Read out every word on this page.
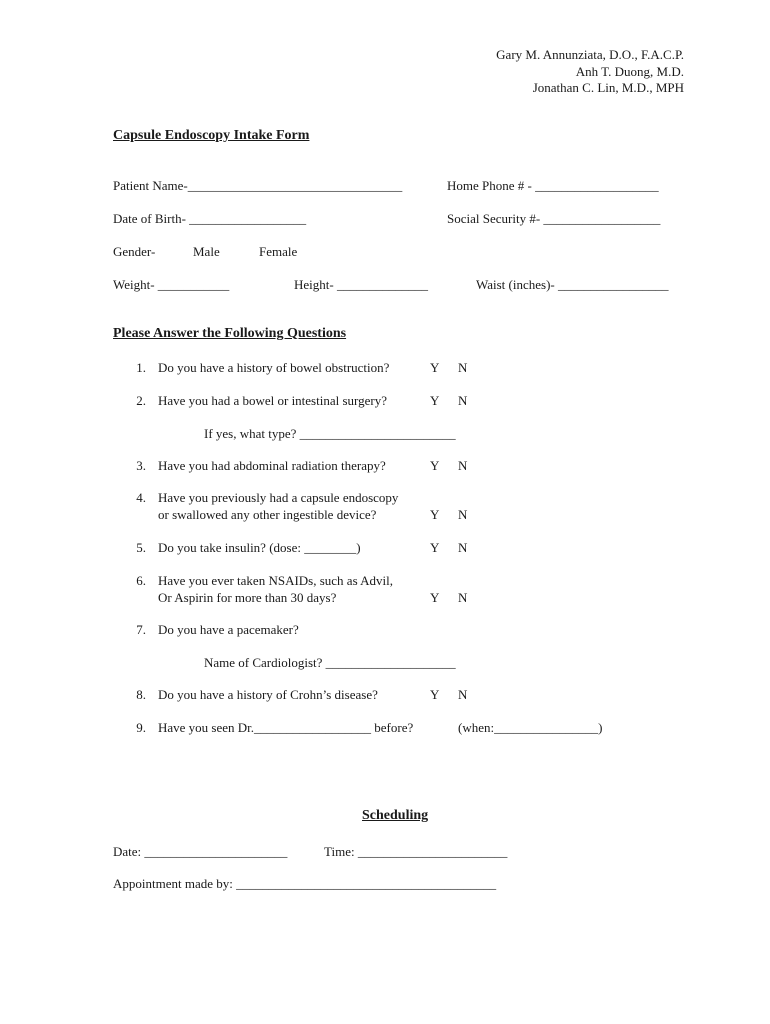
Gary M. Annunziata, D.O., F.A.C.P.
Anh T. Duong, M.D.
Jonathan C. Lin, M.D., MPH
Capsule Endoscopy Intake Form
Patient Name-_________________________________	Home Phone # - ___________________
Date of Birth- __________________	Social Security #- __________________
Gender-	Male	Female
Weight- ___________	Height- ______________	Waist (inches)- _________________
Please Answer the Following Questions
1. Do you have a history of bowel obstruction?	Y N
2. Have you had a bowel or intestinal surgery?	Y N
If yes, what type? ________________________
3. Have you had abdominal radiation therapy?	Y N
4. Have you previously had a capsule endoscopy
or swallowed any other ingestible device?	Y N
5. Do you take insulin? (dose: ________)	Y N
6. Have you ever taken NSAIDs, such as Advil,
Or Aspirin for more than 30 days?	Y N
7. Do you have a pacemaker?
Name of Cardiologist? ____________________
8. Do you have a history of Crohn’s disease?	Y N
9. Have you seen Dr.__________________ before?	(when:________________)
Scheduling
Date: ______________________	Time: _______________________
Appointment made by: ________________________________________
